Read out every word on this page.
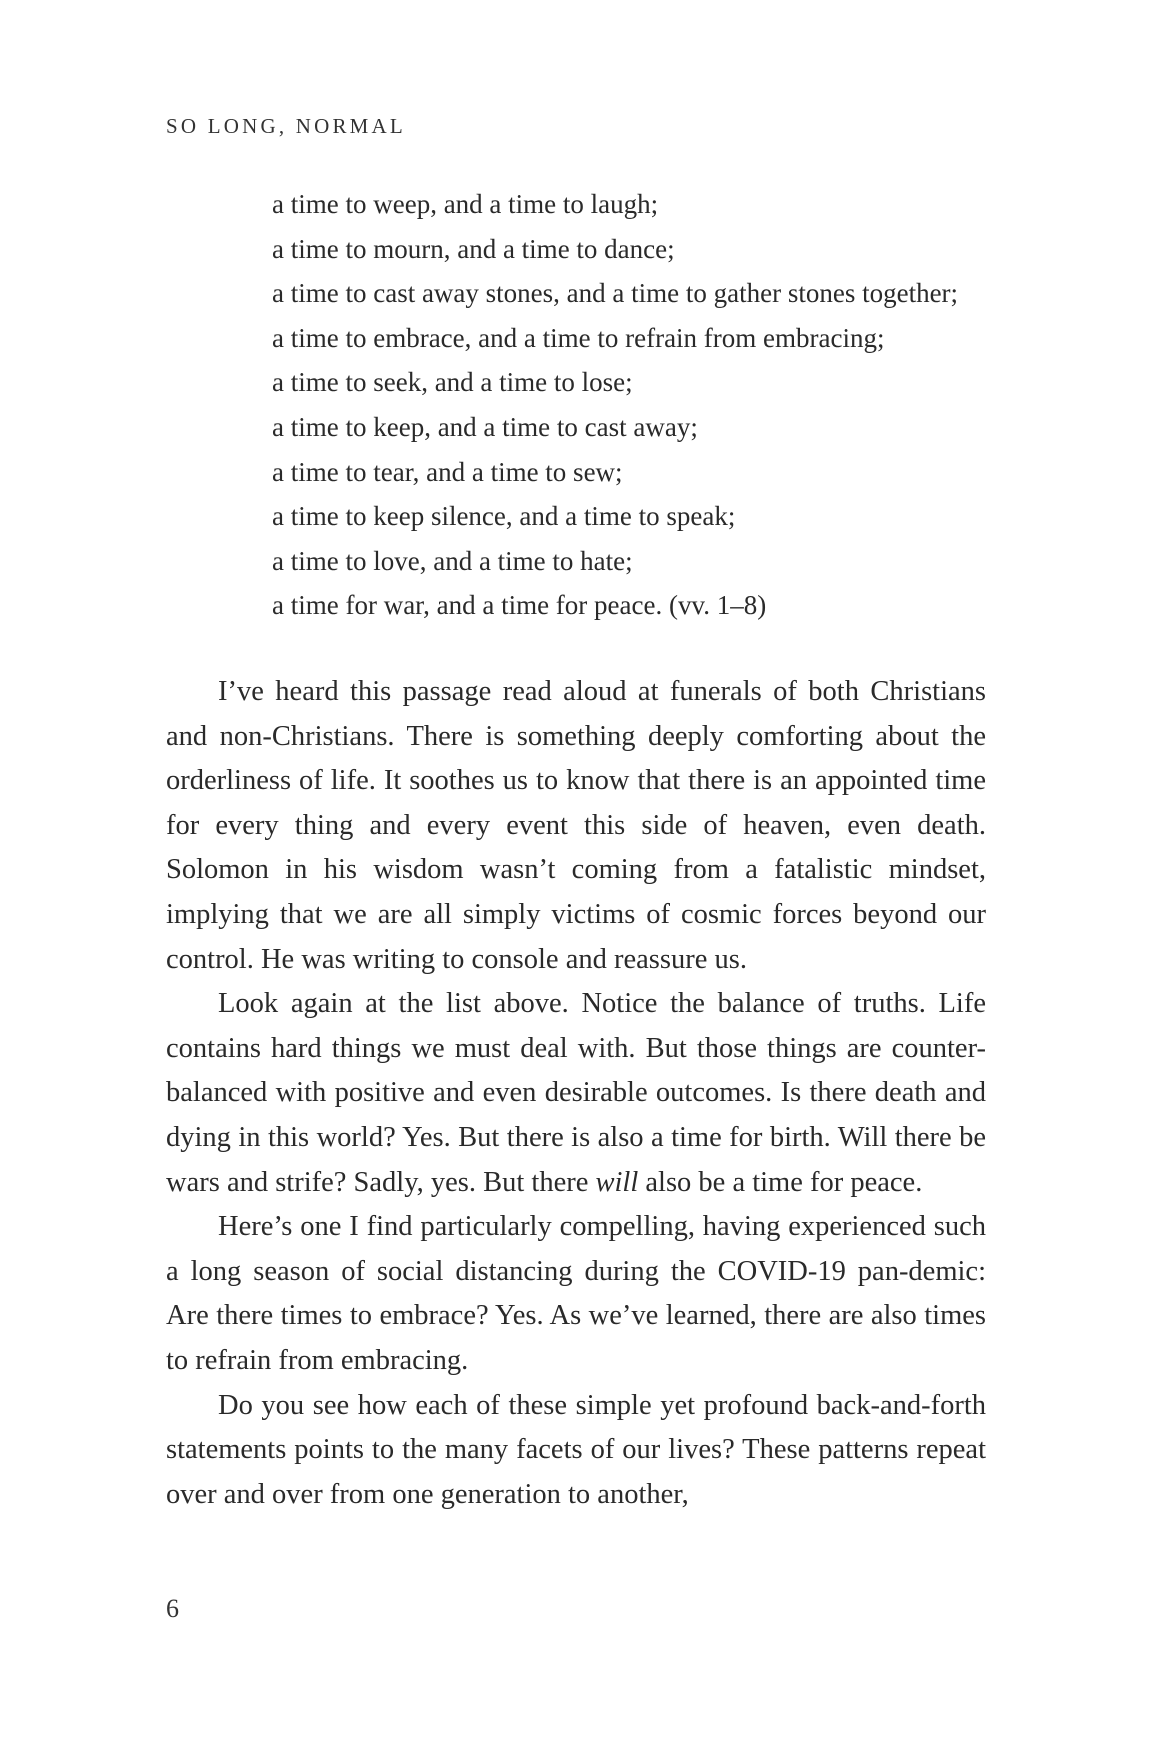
SO LONG, NORMAL
a time to weep, and a time to laugh;
a time to mourn, and a time to dance;
a time to cast away stones, and a time to gather stones together;
a time to embrace, and a time to refrain from embracing;
a time to seek, and a time to lose;
a time to keep, and a time to cast away;
a time to tear, and a time to sew;
a time to keep silence, and a time to speak;
a time to love, and a time to hate;
a time for war, and a time for peace. (vv. 1–8)

I’ve heard this passage read aloud at funerals of both Christians and non-Christians. There is something deeply comforting about the orderliness of life. It soothes us to know that there is an appointed time for every thing and every event this side of heaven, even death. Solomon in his wisdom wasn’t coming from a fatalistic mindset, implying that we are all simply victims of cosmic forces beyond our control. He was writing to console and reassure us.

Look again at the list above. Notice the balance of truths. Life contains hard things we must deal with. But those things are counter-balanced with positive and even desirable outcomes. Is there death and dying in this world? Yes. But there is also a time for birth. Will there be wars and strife? Sadly, yes. But there will also be a time for peace.

Here’s one I find particularly compelling, having experienced such a long season of social distancing during the COVID-19 pan-demic: Are there times to embrace? Yes. As we’ve learned, there are also times to refrain from embracing.

Do you see how each of these simple yet profound back-and-forth statements points to the many facets of our lives? These patterns repeat over and over from one generation to another,

6
